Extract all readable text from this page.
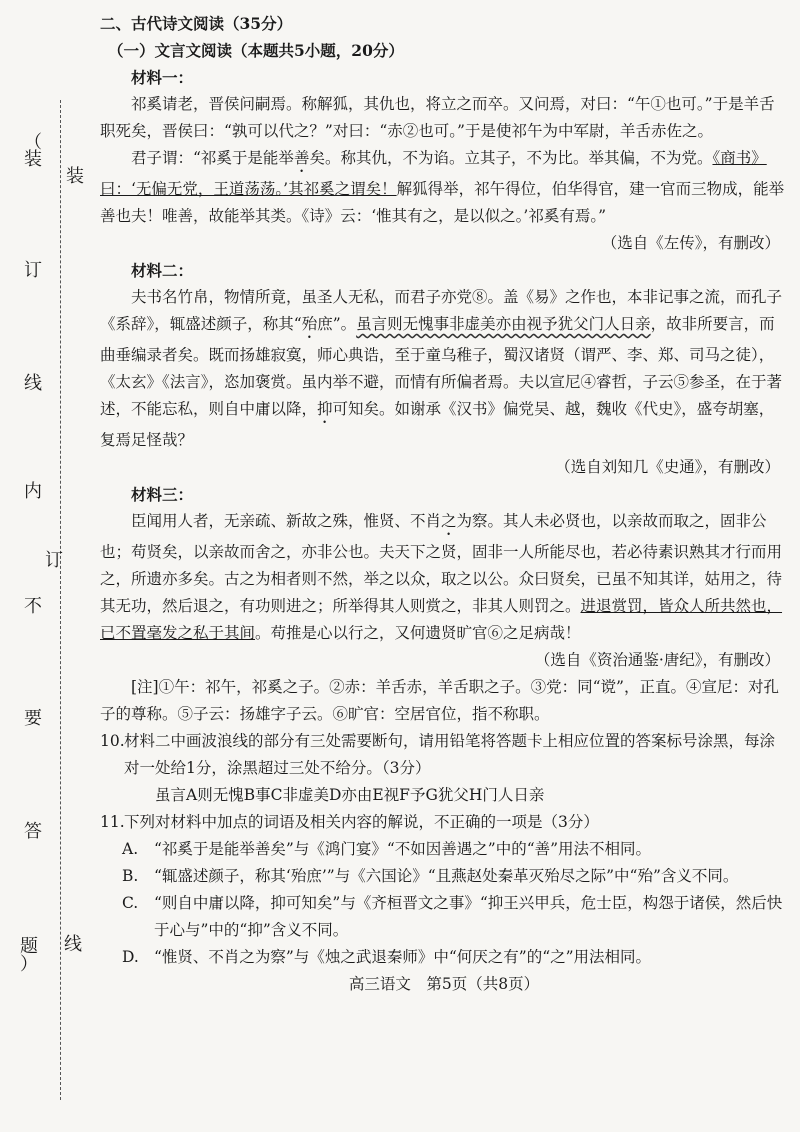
（
装
订
线
内
不
要
答
题
）
装
订
线

二、古代诗文阅读（35分）

（一）文言文阅读（本题共5小题，20分）

材料一：

祁奚请老，晋侯问嗣焉。称解狐，其仇也，将立之而卒。又问焉，对曰：“午①也可。”于是羊舌职死矣，晋侯曰：“孰可以代之？”对曰：“赤②也可。”于是使祁午为中军尉，羊舌赤佐之。

君子谓：“祁奚于是能举善矣。称其仇，不为谄。立其子，不为比。举其偏，不为党。《商书》曰：‘无偏无党，王道荡荡。’其祁奚之谓矣！解狐得举，祁午得位，伯华得官，建一官而三物成，能举善也夫！唯善，故能举其类。《诗》云：‘惟其有之，是以似之。’祁奚有焉。”

（选自《左传》，有删改）

材料二：

夫书名竹帛，物情所竟，虽圣人无私，而君子亦党⑧。盖《易》之作也，本非记事之流，而孔子《系辞》，辄盛述颜子，称其“殆庶”。虽言则无愧事非虚美亦由视予犹父门人日亲，故非所要言，而曲垂编录者矣。既而扬雄寂寞，师心典诰，至于童乌稚子，蜀汉诸贤（谓严、李、郑、司马之徒），《太玄》《法言》，恣加褒赏。虽内举不避，而情有所偏者焉。夫以宣尼④睿哲，子云⑤参圣，在于著述，不能忘私，则自中庸以降，抑可知矣。如谢承《汉书》偏党吴、越，魏收《代史》，盛夸胡塞，复焉足怪哉？

（选自刘知几《史通》，有删改）

材料三：

臣闻用人者，无亲疏、新故之殊，惟贤、不肖之为察。其人未必贤也，以亲故而取之，固非公也；苟贤矣，以亲故而舍之，亦非公也。夫天下之贤，固非一人所能尽也，若必待素识熟其才行而用之，所遗亦多矣。古之为相者则不然，举之以众，取之以公。众曰贤矣，已虽不知其详，姑用之，待其无功，然后退之，有功则进之；所举得其人则赏之，非其人则罚之。进退赏罚，皆众人所共然也，已不置毫发之私于其间。苟推是心以行之，又何遗贤旷官⑥之足病哉！

（选自《资治通鉴·唐纪》，有删改）

[注]①午：祁午，祁奚之子。②赤：羊舌赤，羊舌职之子。③党：同“谠”，正直。④宣尼：对孔子的尊称。⑤子云：扬雄字子云。⑥旷官：空居官位，指不称职。

10. 材料二中画波浪线的部分有三处需要断句，请用铅笔将答题卡上相应位置的答案标号涂黑，每涂对一处给1分，涂黑超过三处不给分。（3分）

虽言A则无愧B事C非虚美D亦由E视F予G犹父H门人日亲

11. 下列对材料中加点的词语及相关内容的解说，不正确的一项是（3分）

A.	“祁奚于是能举善矣”与《鸿门宴》“不如因善遇之”中的“善”用法不相同。
B.	“辄盛述颜子，称其‘殆庶’”与《六国论》“且燕赵处秦革灭殆尽之际”中“殆”含义不同。
C.	“则自中庸以降，抑可知矣”与《齐桓晋文之事》“抑王兴甲兵，危士臣，构怨于诸侯，然后快于心与”中的“抑”含义不同。
D. “惟贤、不肖之为察”与《烛之武退秦师》中“何厌之有”的“之”用法相同。

高三语文　第5页（共8页）
